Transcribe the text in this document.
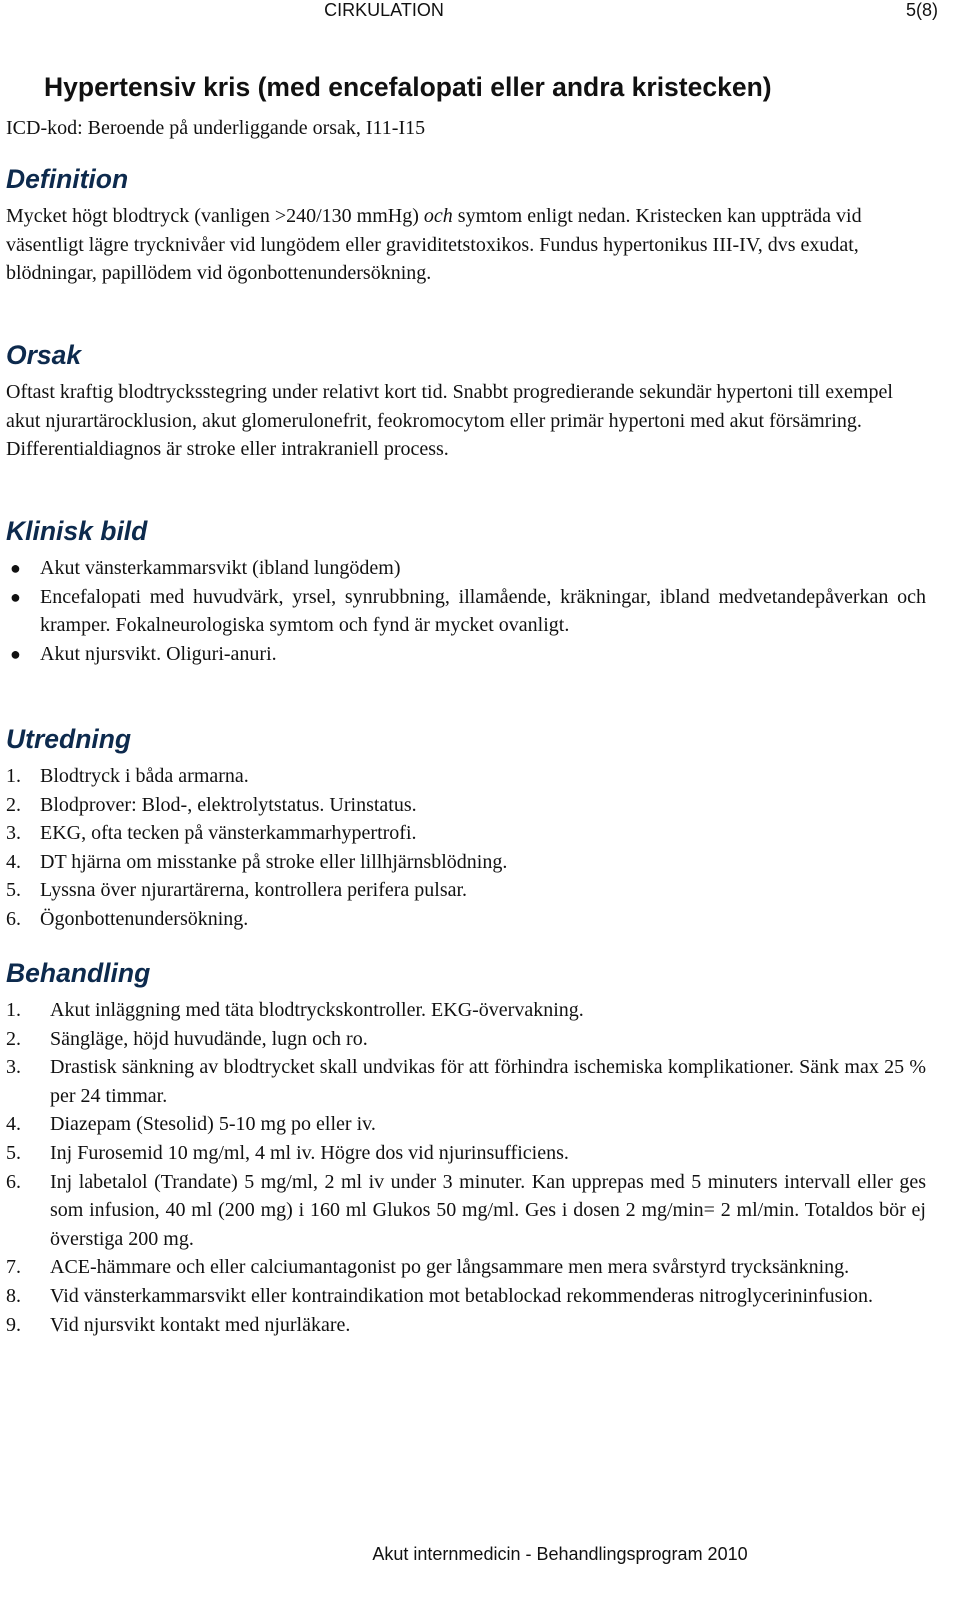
CIRKULATION	5(8)
Hypertensiv kris (med encefalopati eller andra kristecken)
ICD-kod: Beroende på underliggande orsak, I11-I15
Definition
Mycket högt blodtryck (vanligen >240/130 mmHg) och symtom enligt nedan. Kristecken kan uppträda vid väsentligt lägre trycknivåer vid lungödem eller graviditetstoxikos. Fundus hypertonikus III-IV, dvs exudat, blödningar, papillödem vid ögonbottenundersökning.
Orsak
Oftast kraftig blodtrycksstegring under relativt kort tid. Snabbt progredierande sekundär hypertoni till exempel akut njurartärocklusion, akut glomerulonefrit, feokromocytom eller primär hypertoni med akut försämring. Differentialdiagnos är stroke eller intrakraniell process.
Klinisk bild
● Akut vänsterkammarsvikt (ibland lungödem)
● Encefalopati med huvudvärk, yrsel, synrubbning, illamående, kräkningar, ibland medvetandepåverkan och kramper. Fokalneurologiska symtom och fynd är mycket ovanligt.
● Akut njursvikt. Oliguri-anuri.
Utredning
1. Blodtryck i båda armarna.
2. Blodprover: Blod-, elektrolytstatus. Urinstatus.
3. EKG, ofta tecken på vänsterkammarhypertrofi.
4. DT hjärna om misstanke på stroke eller lillhjärnsblödning.
5. Lyssna över njurartärerna, kontrollera perifera pulsar.
6. Ögonbottenundersökning.
Behandling
1. Akut inläggning med täta blodtryckskontroller. EKG-övervakning.
2. Sängläge, höjd huvudände, lugn och ro.
3. Drastisk sänkning av blodtrycket skall undvikas för att förhindra ischemiska komplikationer. Sänk max 25 % per 24 timmar.
4. Diazepam (Stesolid) 5-10 mg po eller iv.
5. Inj Furosemid 10 mg/ml, 4 ml iv. Högre dos vid njurinsufficiens.
6. Inj labetalol (Trandate) 5 mg/ml, 2 ml iv under 3 minuter. Kan upprepas med 5 minuters intervall eller ges som infusion, 40 ml (200 mg) i 160 ml Glukos 50 mg/ml. Ges i dosen 2 mg/min= 2 ml/min. Totaldos bör ej överstiga 200 mg.
7. ACE-hämmare och eller calciumantagonist po ger långsammare men mera svårstyrd trycksänkning.
8. Vid vänsterkammarsvikt eller kontraindikation mot betablockad rekommenderas nitroglycerininfusion.
9. Vid njursvikt kontakt med njurläkare.
Akut internmedicin - Behandlingsprogram 2010
